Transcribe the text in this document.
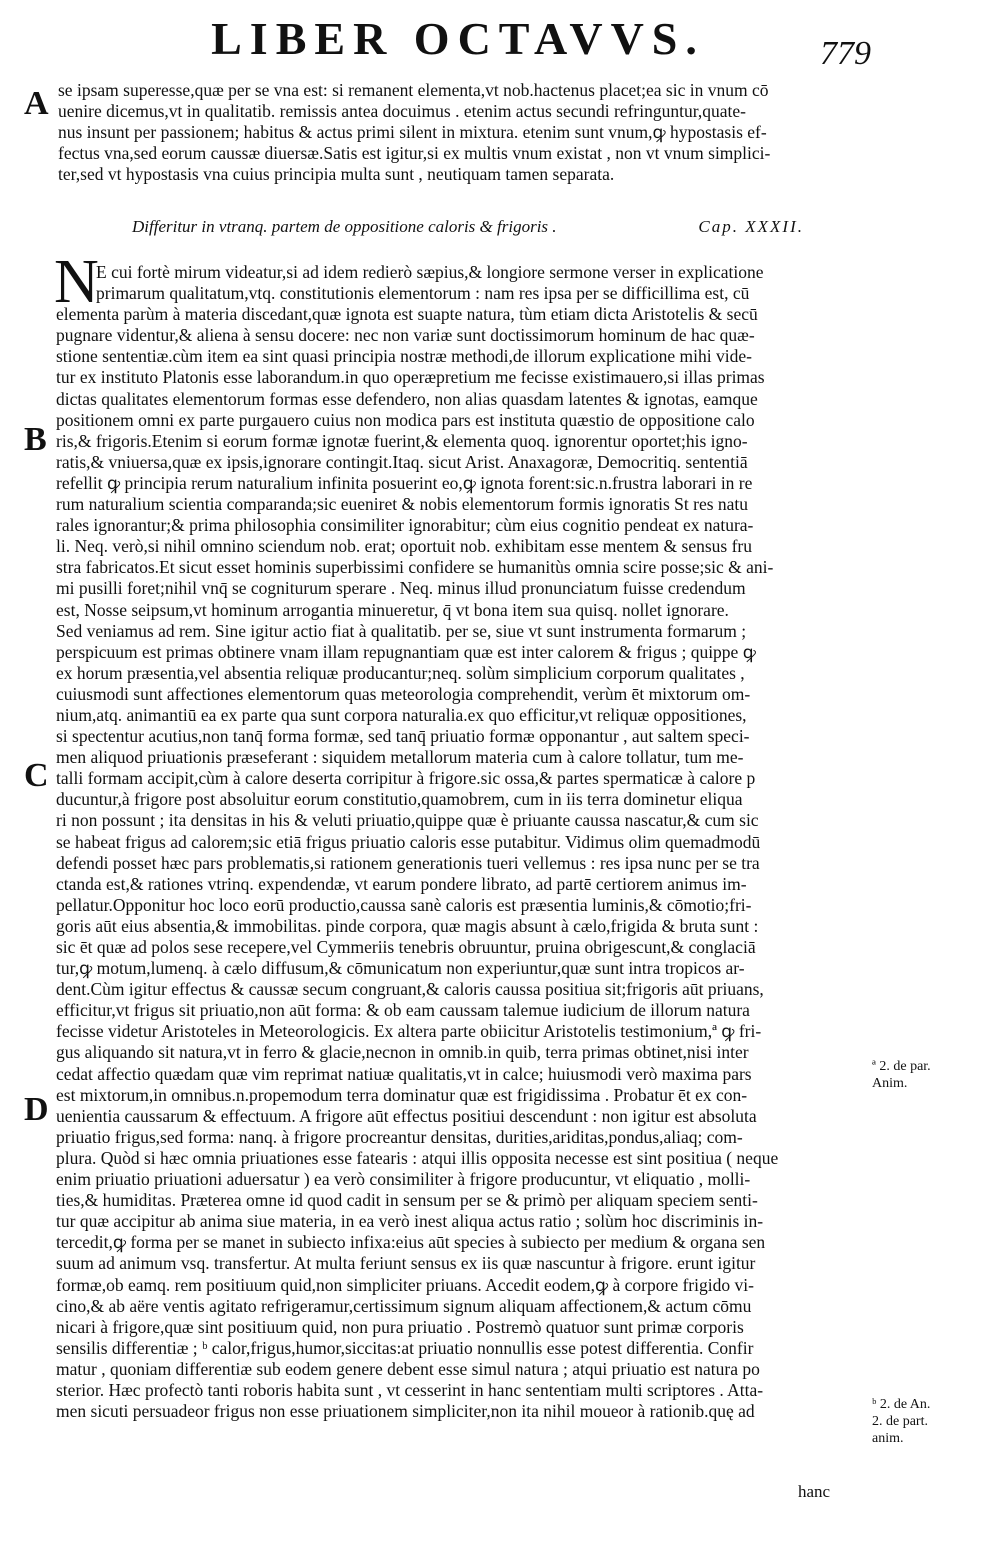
LIBER OCTAVVS.	779
A
B
C
D
se ipsam superesse,quæ per se vna est: si remanent elementa,vt nob.hactenus placet;ea sic in vnum cō
uenire dicemus,vt in qualitatib. remissis antea docuimus . etenim actus secundi refringuntur,quate-
nus insunt per passionem; habitus & actus primi silent in mixtura. etenim sunt vnum,ꝙ hypostasis ef-
fectus vna,sed eorum caussæ diuersæ.Satis est igitur,si ex multis vnum existat , non vt vnum simplici-
ter,sed vt hypostasis vna cuius principia multa sunt , neutiquam tamen separata.
Differitur in vtranq. partem de oppositione caloris & frigoris .	Cap. XXXII.
N
E cui fortè mirum videatur,si ad idem redierò sæpius,& longiore sermone verser in explicatione
primarum qualitatum,vtq. constitutionis elementorum : nam res ipsa per se difficillima est, cū
elementa parùm à materia discedant,quæ ignota est suapte natura, tùm etiam dicta Aristotelis & secū
pugnare videntur,& aliena à sensu docere: nec non variæ sunt doctissimorum hominum de hac quæ-
stione sententiæ.cùm item ea sint quasi principia nostræ methodi,de illorum explicatione mihi vide-
tur ex instituto Platonis esse laborandum.in quo operæpretium me fecisse existimauero,si illas primas
dictas qualitates elementorum formas esse defendero, non alias quasdam latentes & ignotas, eamque
positionem omni ex parte purgauero cuius non modica pars est instituta quæstio de oppositione calo
ris,& frigoris.Etenim si eorum formæ ignotæ fuerint,& elementa quoq. ignorentur oportet;his igno-
ratis,& vniuersa,quæ ex ipsis,ignorare contingit.Itaq. sicut Arist. Anaxagoræ, Democritiq. sententiā
refellit ꝙ principia rerum naturalium infinita posuerint eo,ꝙ ignota forent:sic.n.frustra laborari in re
rum naturalium scientia comparanda;sic eueniret & nobis elementorum formis ignoratis St res natu
rales ignorantur;& prima philosophia consimiliter ignorabitur; cùm eius cognitio pendeat ex natura-
li. Neq. verò,si nihil omnino sciendum nob. erat; oportuit nob. exhibitam esse mentem & sensus fru
stra fabricatos.Et sicut esset hominis superbissimi confidere se humanitùs omnia scire posse;sic & ani-
mi pusilli foret;nihil vnq̄ se cogniturum sperare . Neq. minus illud pronunciatum fuisse credendum
est, Nosse seipsum,vt hominum arrogantia minueretur, q̄ vt bona item sua quisq. nollet ignorare.
Sed veniamus ad rem. Sine igitur actio fiat à qualitatib. per se, siue vt sunt instrumenta formarum ;
perspicuum est primas obtinere vnam illam repugnantiam quæ est inter calorem & frigus ; quippe ꝙ
ex horum præsentia,vel absentia reliquæ producantur;neq. solùm simplicium corporum qualitates ,
cuiusmodi sunt affectiones elementorum quas meteorologia comprehendit, verùm ēt mixtorum om-
nium,atq. animantiū ea ex parte qua sunt corpora naturalia.ex quo efficitur,vt reliquæ oppositiones,
si spectentur acutius,non tanq̄ forma formæ, sed tanq̄ priuatio formæ opponantur , aut saltem speci-
men aliquod priuationis præseferant : siquidem metallorum materia cum à calore tollatur, tum me-
talli formam accipit,cùm à calore deserta corripitur à frigore.sic ossa,& partes spermaticæ à calore p
ducuntur,à frigore post absoluitur eorum constitutio,quamobrem, cum in iis terra dominetur eliqua
ri non possunt ; ita densitas in his & veluti priuatio,quippe quæ è priuante caussa nascatur,& cum sic
se habeat frigus ad calorem;sic etiā frigus priuatio caloris esse putabitur. Vidimus olim quemadmodū
defendi posset hæc pars problematis,si rationem generationis tueri vellemus : res ipsa nunc per se tra
ctanda est,& rationes vtrinq. expendendæ, vt earum pondere librato, ad partē certiorem animus im-
pellatur.Opponitur hoc loco eorū productio,caussa sanè caloris est præsentia luminis,& cōmotio;fri-
goris aūt eius absentia,& immobilitas. pinde corpora, quæ magis absunt à cælo,frigida & bruta sunt :
sic ēt quæ ad polos sese recepere,vel Cymmeriis tenebris obruuntur, pruina obrigescunt,& conglaciā
tur,ꝙ motum,lumenq. à cælo diffusum,& cōmunicatum non experiuntur,quæ sunt intra tropicos ar-
dent.Cùm igitur effectus & caussæ secum congruant,& caloris caussa positiua sit;frigoris aūt priuans,
efficitur,vt frigus sit priuatio,non aūt forma: & ob eam caussam talemue iudicium de illorum natura
fecisse videtur Aristoteles in Meteorologicis. Ex altera parte obiicitur Aristotelis testimonium,ª ꝙ fri-
gus aliquando sit natura,vt in ferro & glacie,necnon in omnib.in quib, terra primas obtinet,nisi inter
cedat affectio quædam quæ vim reprimat natiuæ qualitatis,vt in calce; huiusmodi verò maxima pars
est mixtorum,in omnibus.n.propemodum terra dominatur quæ est frigidissima . Probatur ēt ex con-
uenientia caussarum & effectuum. A frigore aūt effectus positiui descendunt : non igitur est absoluta
priuatio frigus,sed forma: nanq. à frigore procreantur densitas, durities,ariditas,pondus,aliaq; com-
plura. Quòd si hæc omnia priuationes esse fatearis : atqui illis opposita necesse est sint positiua ( neque
enim priuatio priuationi aduersatur ) ea verò consimiliter à frigore producuntur, vt eliquatio , molli-
ties,& humiditas. Præterea omne id quod cadit in sensum per se & primò per aliquam speciem senti-
tur quæ accipitur ab anima siue materia, in ea verò inest aliqua actus ratio ; solùm hoc discriminis in-
tercedit,ꝙ forma per se manet in subiecto infixa:eius aūt species à subiecto per medium & organa sen
suum ad animum vsq. transfertur. At multa feriunt sensus ex iis quæ nascuntur à frigore. erunt igitur
formæ,ob eamq. rem positiuum quid,non simpliciter priuans. Accedit eodem,ꝙ à corpore frigido vi-
cino,& ab aëre ventis agitato refrigeramur,certissimum signum aliquam affectionem,& actum cōmu
nicari à frigore,quæ sint positiuum quid, non pura priuatio . Postremò quatuor sunt primæ corporis
sensilis differentiæ ; ᵇ calor,frigus,humor,siccitas:at priuatio nonnullis esse potest differentia. Confir
matur , quoniam differentiæ sub eodem genere debent esse simul natura ; atqui priuatio est natura po
sterior. Hæc profectò tanti roboris habita sunt , vt cesserint in hanc sententiam multi scriptores . Atta-
men sicuti persuadeor frigus non esse priuationem simpliciter,non ita nihil moueor à rationib.quę ad
ª 2. de par.
Anim.
ᵇ 2. de An.
2. de part.
anim.
hanc
